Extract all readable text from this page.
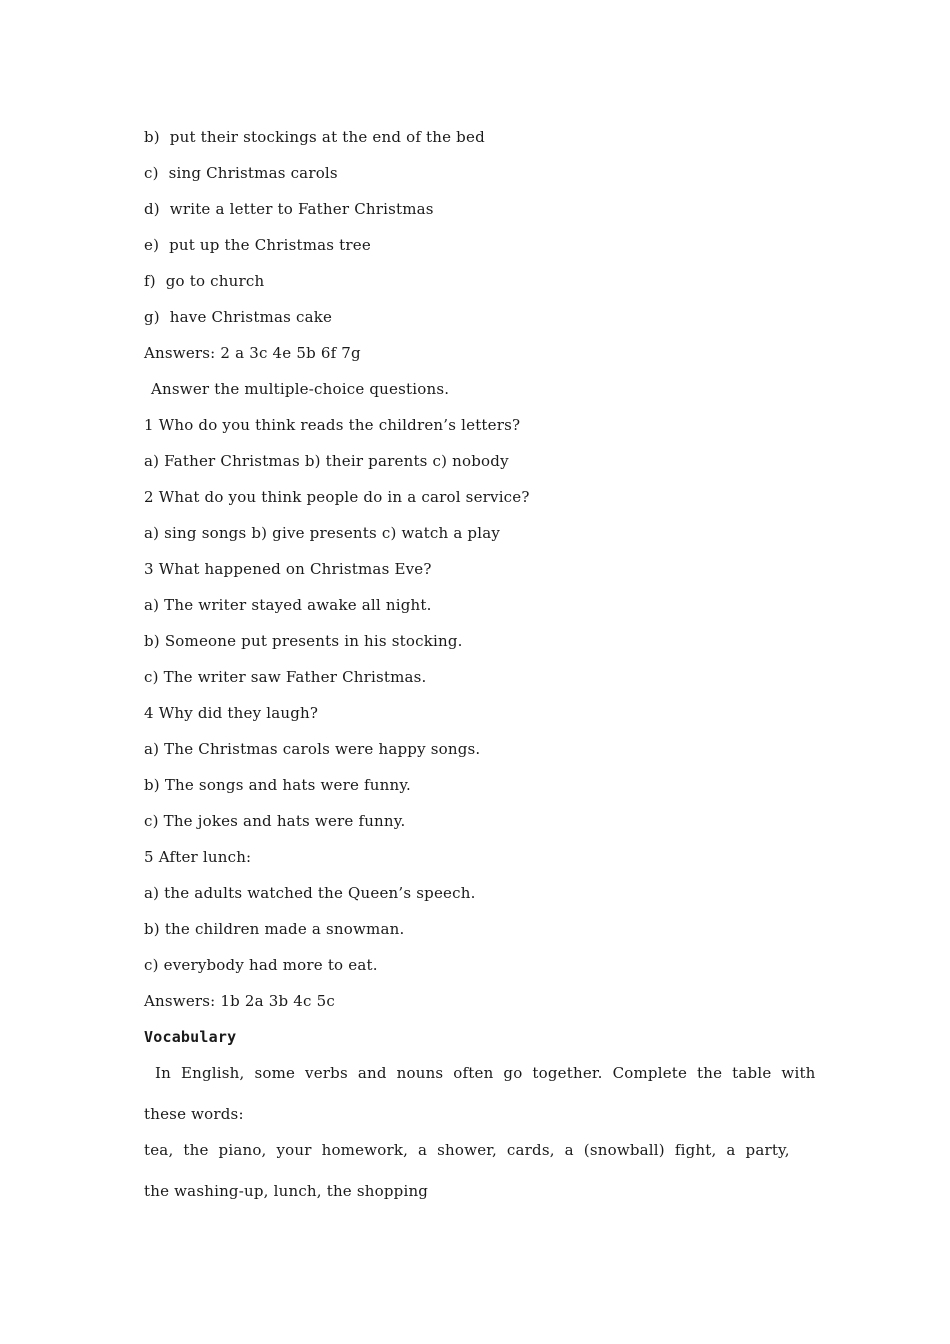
b)  put their stockings at the end of the bed
c)  sing Christmas carols
d)  write a letter to Father Christmas
e)  put up the Christmas tree
f)  go to church
g)  have Christmas cake
Answers: 2 a 3c 4e 5b 6f 7g
Answer the multiple-choice questions.
1 Who do you think reads the children’s letters?
a) Father Christmas b) their parents c) nobody
2 What do you think people do in a carol service?
a) sing songs b) give presents c) watch a play
3 What happened on Christmas Eve?
a) The writer stayed awake all night.
b) Someone put presents in his stocking.
c) The writer saw Father Christmas.
4 Why did they laugh?
a) The Christmas carols were happy songs.
b) The songs and hats were funny.
c) The jokes and hats were funny.
5 After lunch:
a) the adults watched the Queen’s speech.
b) the children made a snowman.
c) everybody had more to eat.
Answers: 1b 2a 3b 4c 5c
Vocabulary
In English, some verbs and nouns often go together. Complete the table with
these words:
tea, the piano, your homework, a shower, cards, a (snowball) fight, a party,
the washing-up, lunch, the shopping
